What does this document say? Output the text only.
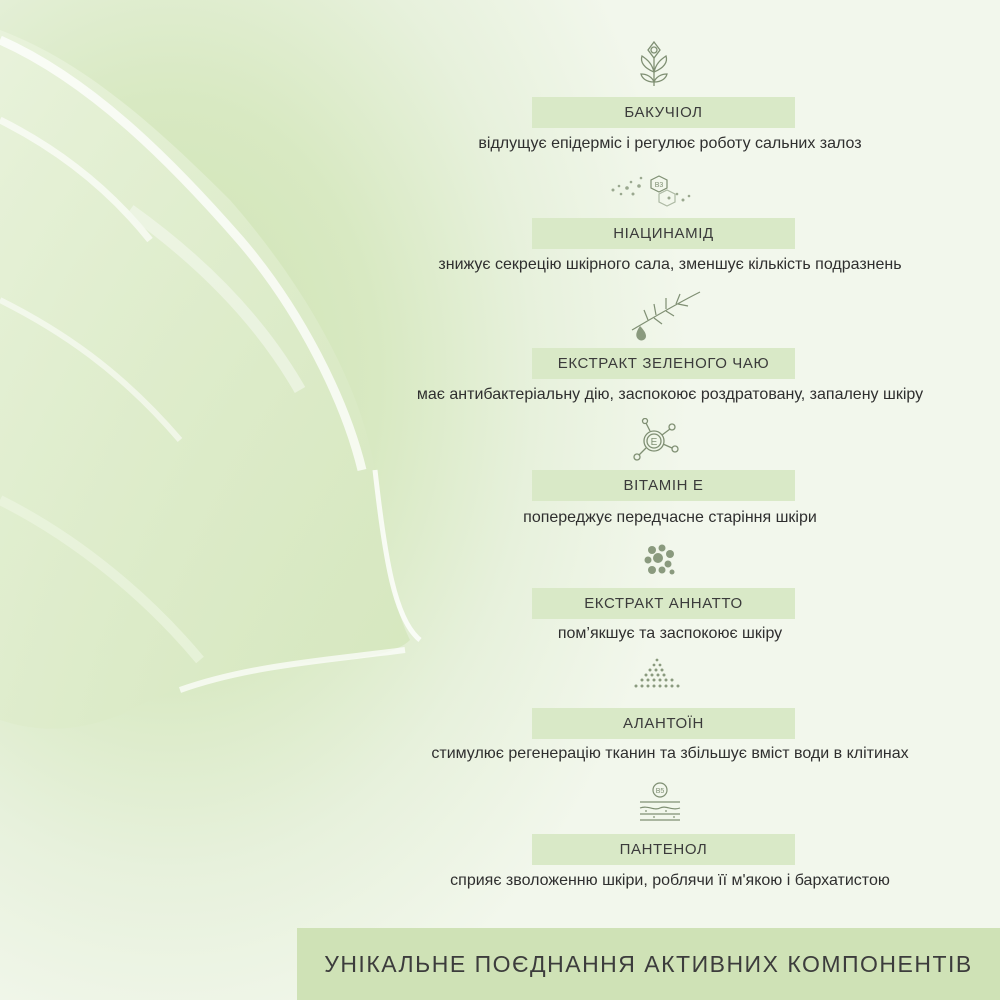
БАКУЧІОЛ
відлущує епідерміс і регулює роботу сальних залоз
B3
НІАЦИНАМІД
знижує секрецію шкірного сала, зменшує кількість подразнень
ЕКСТРАКТ ЗЕЛЕНОГО ЧАЮ
має антибактеріальну дію, заспокоює роздратовану, запалену шкіру
E
ВІТАМІН Е
попереджує передчасне старіння шкіри
ЕКСТРАКТ АННАТТО
пом’якшує та заспокоює шкіру
АЛАНТОЇН
стимулює регенерацію тканин та збільшує вміст води в клітинах
B5
ПАНТЕНОЛ
сприяє зволоженню шкіри, роблячи її м'якою і бархатистою
УНІКАЛЬНЕ ПОЄДНАННЯ АКТИВНИХ КОМПОНЕНТІВ
